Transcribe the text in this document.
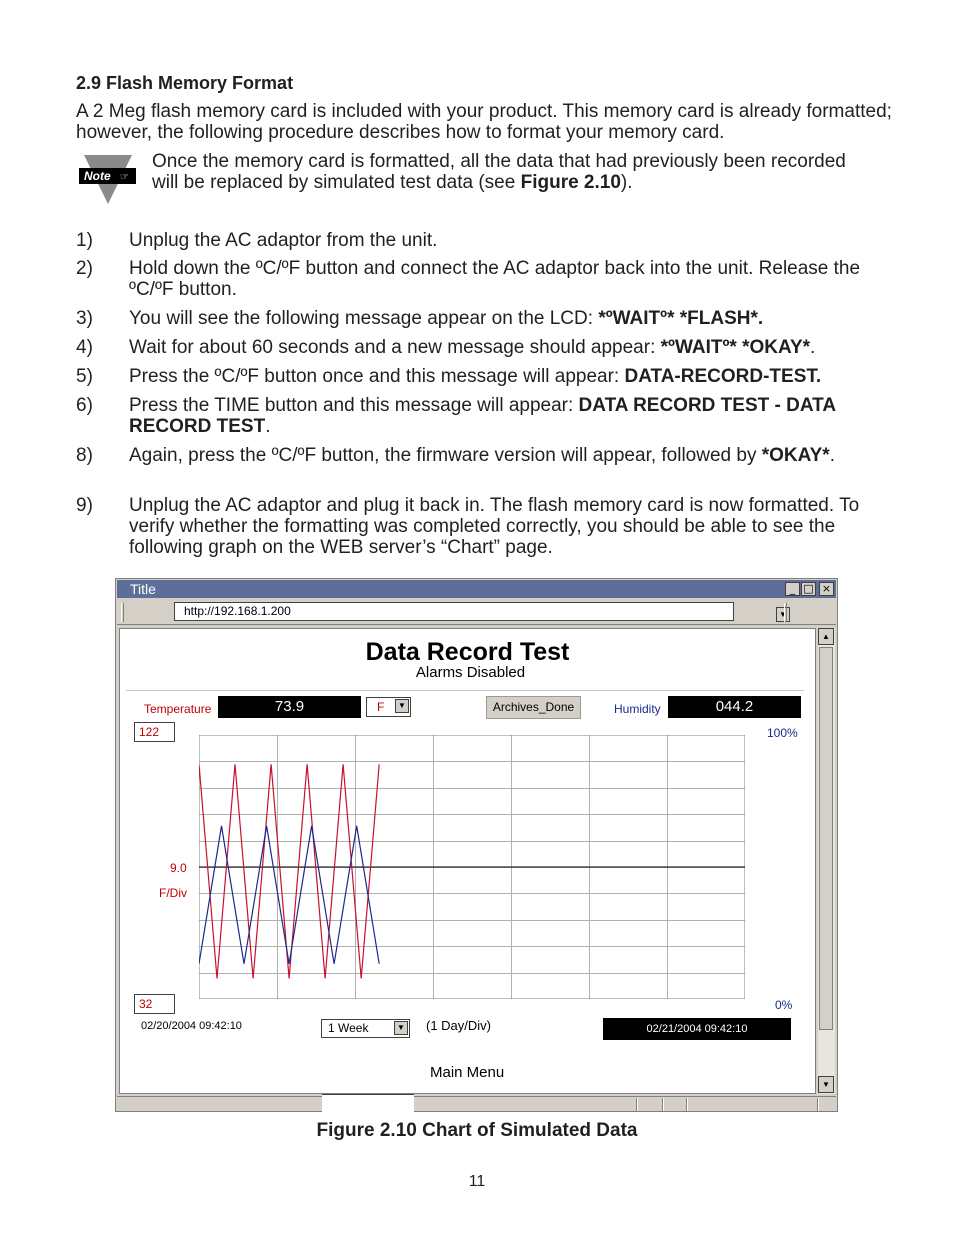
2.9 Flash Memory Format
A 2 Meg flash memory card is included with your product. This memory card is already formatted; however, the following procedure describes how to format your memory card.
Note ☞
Once the memory card is formatted, all the data that had previously been recorded will be replaced by simulated test data (see Figure 2.10).
1)	Unplug the AC adaptor from the unit.
2)	Hold down the ºC/ºF button and connect the AC adaptor back into the unit. Release the ºC/ºF button.
3)	You will see the following message appear on the LCD: *ºWAITº* *FLASH*.
4)	Wait for about 60 seconds and a new message should appear: *ºWAITº* *OKAY*.
5)	Press the ºC/ºF button once and this message will appear: DATA-RECORD-TEST.
6)	Press the TIME button and this message will appear: DATA RECORD TEST - DATA RECORD TEST.
8)	Again, press the ºC/ºF button, the firmware version will appear, followed by *OKAY*.
9)	Unplug the AC adaptor and plug it back in. The flash memory card is now formatted. To verify whether the formatting was completed correctly, you should be able to see the following graph on the WEB server’s “Chart” page.
Title	_ □ ×
http://192.168.1.200	▼
Data Record Test
Alarms Disabled
Temperature	73.9	F	▼	Archives_Done	Humidity	044.2
122	100%
9.0
F/Div
32	0%
02/20/2004 09:42:10	1 Week	▼ (1 Day/Div)	02/21/2004 09:42:10
Main Menu
▲
▼
Figure 2.10 Chart of Simulated Data
11
